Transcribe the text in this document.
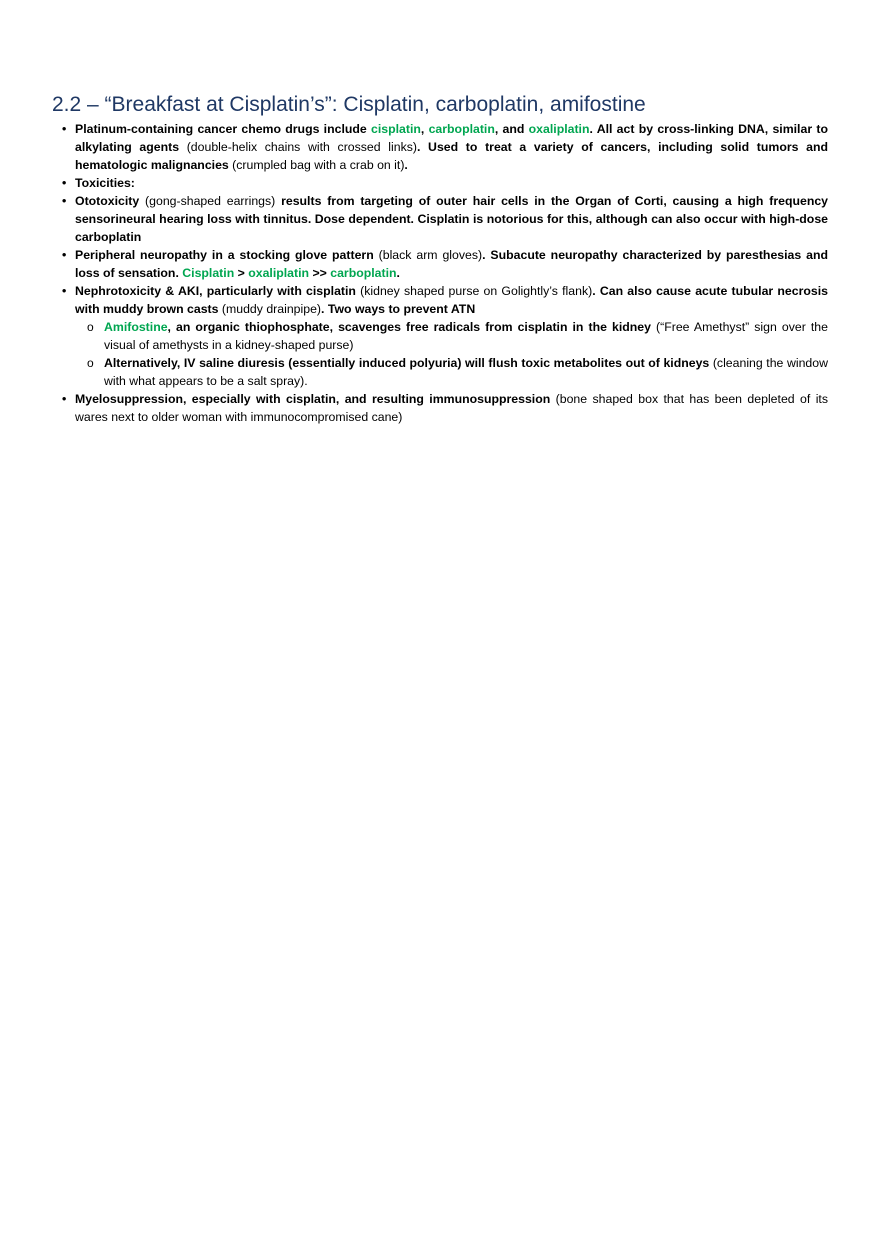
2.2 – “Breakfast at Cisplatin’s”: Cisplatin, carboplatin, amifostine
• Platinum-containing cancer chemo drugs include cisplatin, carboplatin, and oxaliplatin. All act by cross-linking DNA, similar to alkylating agents (double-helix chains with crossed links). Used to treat a variety of cancers, including solid tumors and hematologic malignancies (crumpled bag with a crab on it).
• Toxicities:
• Ototoxicity (gong-shaped earrings) results from targeting of outer hair cells in the Organ of Corti, causing a high frequency sensorineural hearing loss with tinnitus. Dose dependent. Cisplatin is notorious for this, although can also occur with high-dose carboplatin
• Peripheral neuropathy in a stocking glove pattern (black arm gloves). Subacute neuropathy characterized by paresthesias and loss of sensation. Cisplatin > oxaliplatin >> carboplatin.
• Nephrotoxicity & AKI, particularly with cisplatin (kidney shaped purse on Golightly’s flank). Can also cause acute tubular necrosis with muddy brown casts (muddy drainpipe). Two ways to prevent ATN
o Amifostine, an organic thiophosphate, scavenges free radicals from cisplatin in the kidney (“Free Amethyst” sign over the visual of amethysts in a kidney-shaped purse)
o Alternatively, IV saline diuresis (essentially induced polyuria) will flush toxic metabolites out of kidneys (cleaning the window with what appears to be a salt spray).
• Myelosuppression, especially with cisplatin, and resulting immunosuppression (bone shaped box that has been depleted of its wares next to older woman with immunocompromised cane)
